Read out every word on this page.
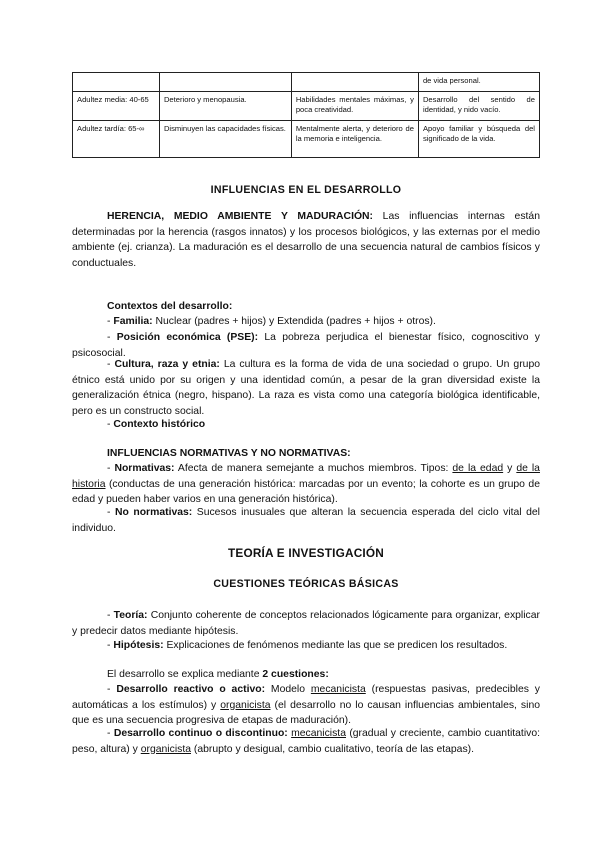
			de vida personal.
Adultez media: 40-65	Deterioro y menopausia.	Habilidades mentales máximas, y poca creatividad.	Desarrollo del sentido de identidad, y nido vacío.
Adultez tardía: 65-∞	Disminuyen las capacidades físicas.	Mentalmente alerta, y deterioro de la memoria e inteligencia.	Apoyo familiar y búsqueda del significado de la vida.
INFLUENCIAS EN EL DESARROLLO

HERENCIA, MEDIO AMBIENTE Y MADURACIÓN: Las influencias internas están determinadas por la herencia (rasgos innatos) y los procesos biológicos, y las externas por el medio ambiente (ej. crianza). La maduración es el desarrollo de una secuencia natural de cambios físicos y conductuales.

Contextos del desarrollo:

- Familia: Nuclear (padres + hijos) y Extendida (padres + hijos + otros).

- Posición económica (PSE): La pobreza perjudica el bienestar físico, cognoscitivo y psicosocial.

- Cultura, raza y etnia: La cultura es la forma de vida de una sociedad o grupo. Un grupo étnico está unido por su origen y una identidad común, a pesar de la gran diversidad existe la generalización étnica (negro, hispano). La raza es vista como una categoría biológica identificable, pero es un constructo social.

- Contexto histórico

INFLUENCIAS NORMATIVAS Y NO NORMATIVAS:

- Normativas: Afecta de manera semejante a muchos miembros. Tipos: de la edad y de la historia (conductas de una generación histórica: marcadas por un evento; la cohorte es un grupo de edad y pueden haber varios en una generación histórica).

- No normativas: Sucesos inusuales que alteran la secuencia esperada del ciclo vital del individuo.

TEORÍA E INVESTIGACIÓN
CUESTIONES TEÓRICAS BÁSICAS

- Teoría: Conjunto coherente de conceptos relacionados lógicamente para organizar, explicar y predecir datos mediante hipótesis.

- Hipótesis: Explicaciones de fenómenos mediante las que se predicen los resultados.

El desarrollo se explica mediante 2 cuestiones:

- Desarrollo reactivo o activo: Modelo mecanicista (respuestas pasivas, predecibles y automáticas a los estímulos) y organicista (el desarrollo no lo causan influencias ambientales, sino que es una secuencia progresiva de etapas de maduración).

- Desarrollo continuo o discontinuo: mecanicista (gradual y creciente, cambio cuantitativo: peso, altura) y organicista (abrupto y desigual, cambio cualitativo, teoría de las etapas).
